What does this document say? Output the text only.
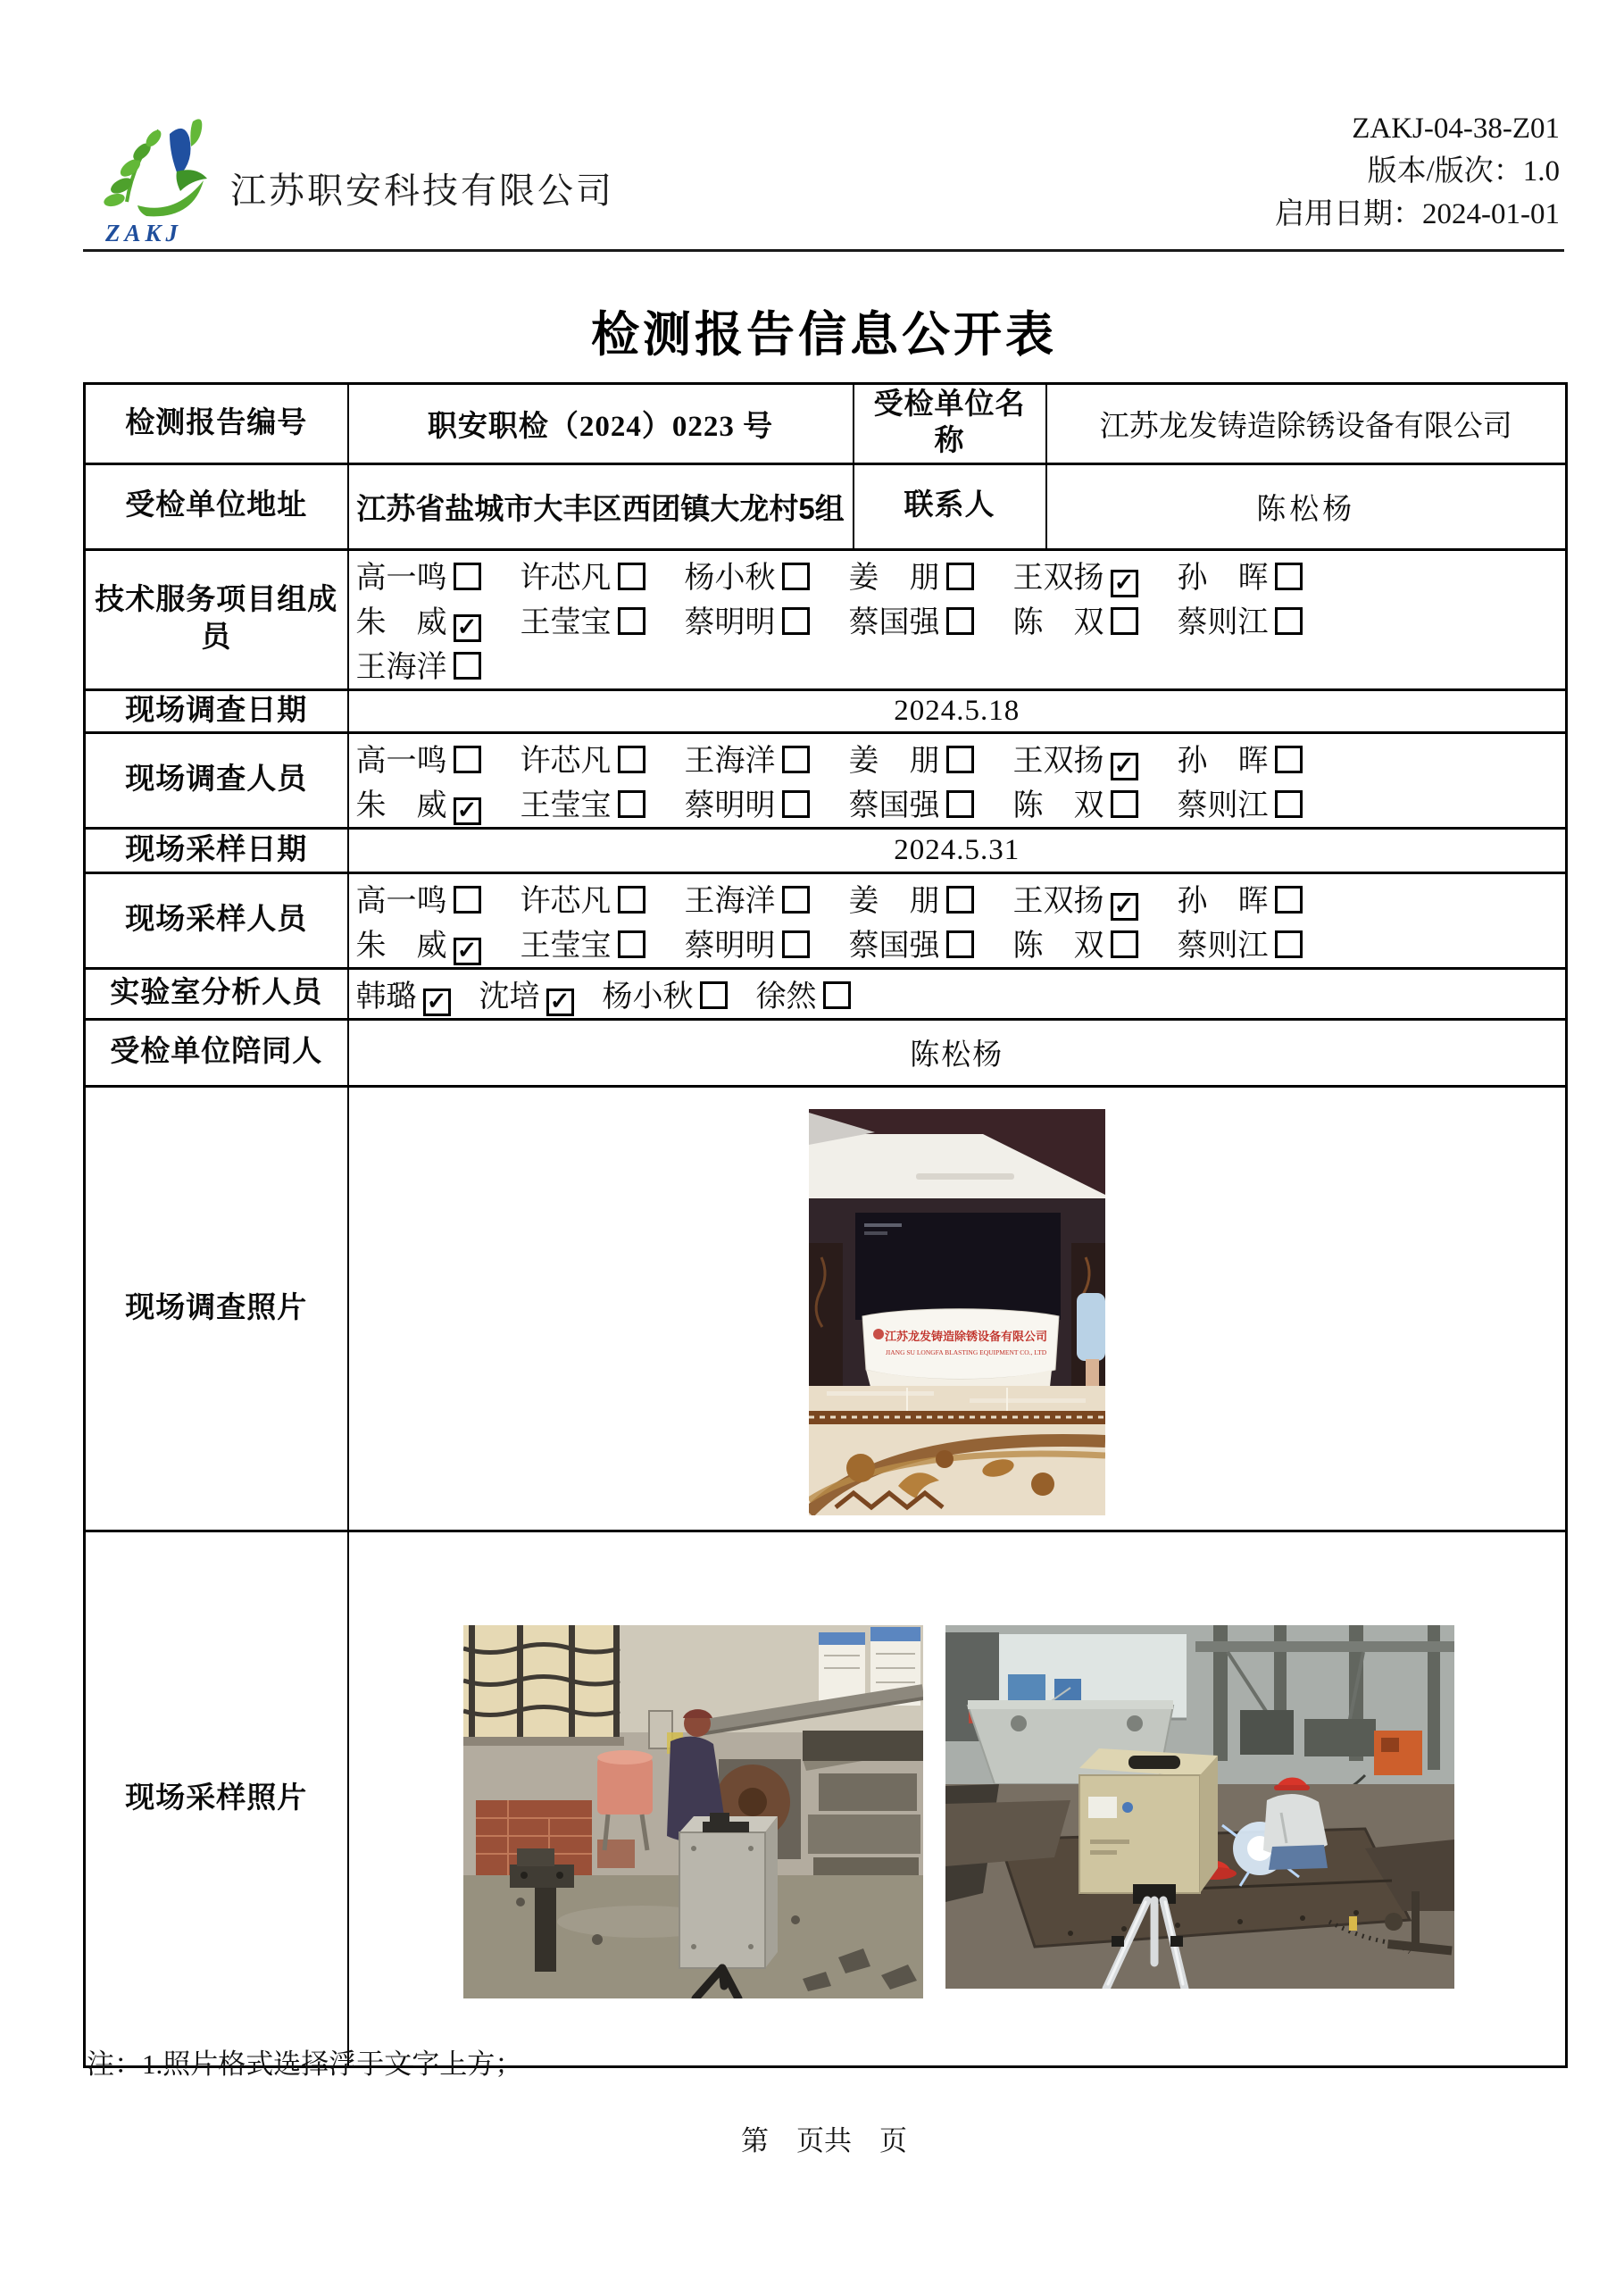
ZAKJ
江苏职安科技有限公司
ZAKJ-04-38-Z01
版本/版次：1.0
启用日期：2024-01-01
检测报告信息公开表
检测报告编号	职安职检（2024）0223 号	受检单位名称	江苏龙发铸造除锈设备有限公司
受检单位地址	江苏省盐城市大丰区西团镇大龙村5组	联系人	陈松杨
技术服务项目组成员	
高一鸣	许芯凡	杨小秋	姜　朋	王双扬 ✓	孙　晖
朱　威 ✓	王莹宝	蔡明明	蔡国强	陈　双	蔡则江
王海洋

现场调查日期	2024.5.18		
现场调查人员	
高一鸣	许芯凡	王海洋	姜　朋	王双扬 ✓	孙　晖
朱　威 ✓	王莹宝	蔡明明	蔡国强	陈　双	蔡则江

现场采样日期	2024.5.31		
现场采样人员	
高一鸣	许芯凡	王海洋	姜　朋	王双扬 ✓	孙　晖
朱　威 ✓	王莹宝	蔡明明	蔡国强	陈　双	蔡则江

实验室分析人员	韩璐 ✓ 沈培 ✓ 杨小秋 徐然		

受检单位陪同人	陈松杨		
现场调查照片	江苏龙发铸造除锈设备有限公司
JIANG SU LONGFA BLASTING EQUIPMENT CO., LTD		

现场采样照片	
注：1.照片格式选择浮于文字上方；
第　页共　页
